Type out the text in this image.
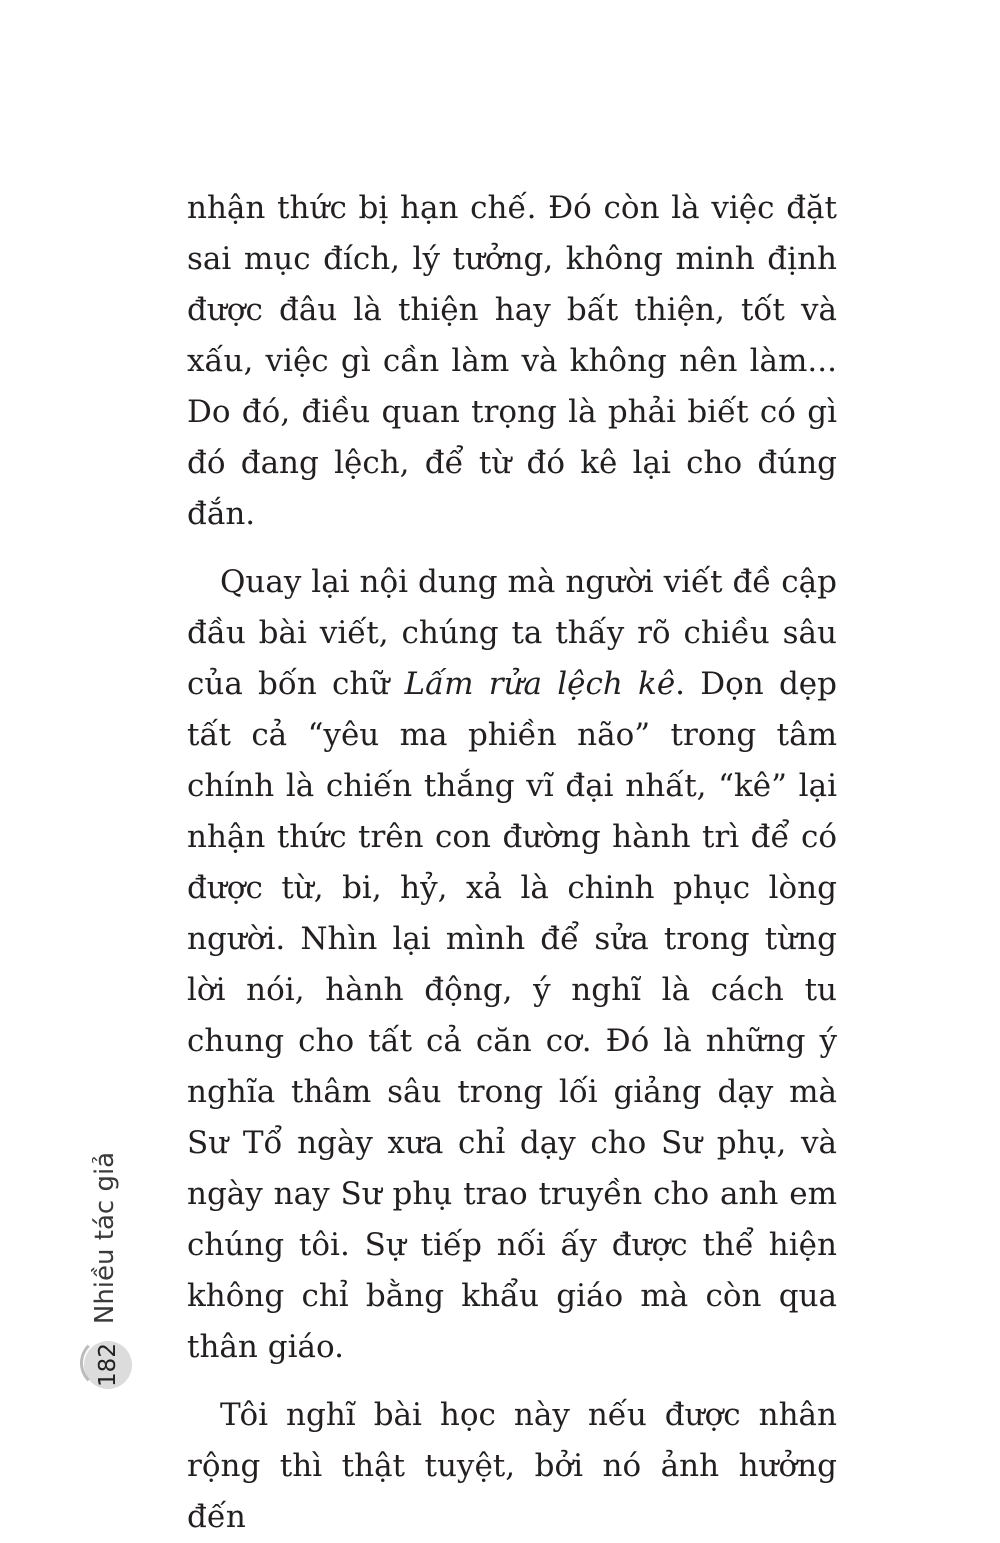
nhận thức bị hạn chế. Đó còn là việc đặt sai mục đích, lý tưởng, không minh định được đâu là thiện hay bất thiện, tốt và xấu, việc gì cần làm và không nên làm... Do đó, điều quan trọng là phải biết có gì đó đang lệch, để từ đó kê lại cho đúng đắn.

Quay lại nội dung mà người viết đề cập đầu bài viết, chúng ta thấy rõ chiều sâu của bốn chữ Lấm rửa lệch kê. Dọn dẹp tất cả “yêu ma phiền não” trong tâm chính là chiến thắng vĩ đại nhất, “kê” lại nhận thức trên con đường hành trì để có được từ, bi, hỷ, xả là chinh phục lòng người. Nhìn lại mình để sửa trong từng lời nói, hành động, ý nghĩ là cách tu chung cho tất cả căn cơ. Đó là những ý nghĩa thâm sâu trong lối giảng dạy mà Sư Tổ ngày xưa chỉ dạy cho Sư phụ, và ngày nay Sư phụ trao truyền cho anh em chúng tôi. Sự tiếp nối ấy được thể hiện không chỉ bằng khẩu giáo mà còn qua thân giáo.

Tôi nghĩ bài học này nếu được nhân rộng thì thật tuyệt, bởi nó ảnh hưởng đến

Nhiều tác giả
182
